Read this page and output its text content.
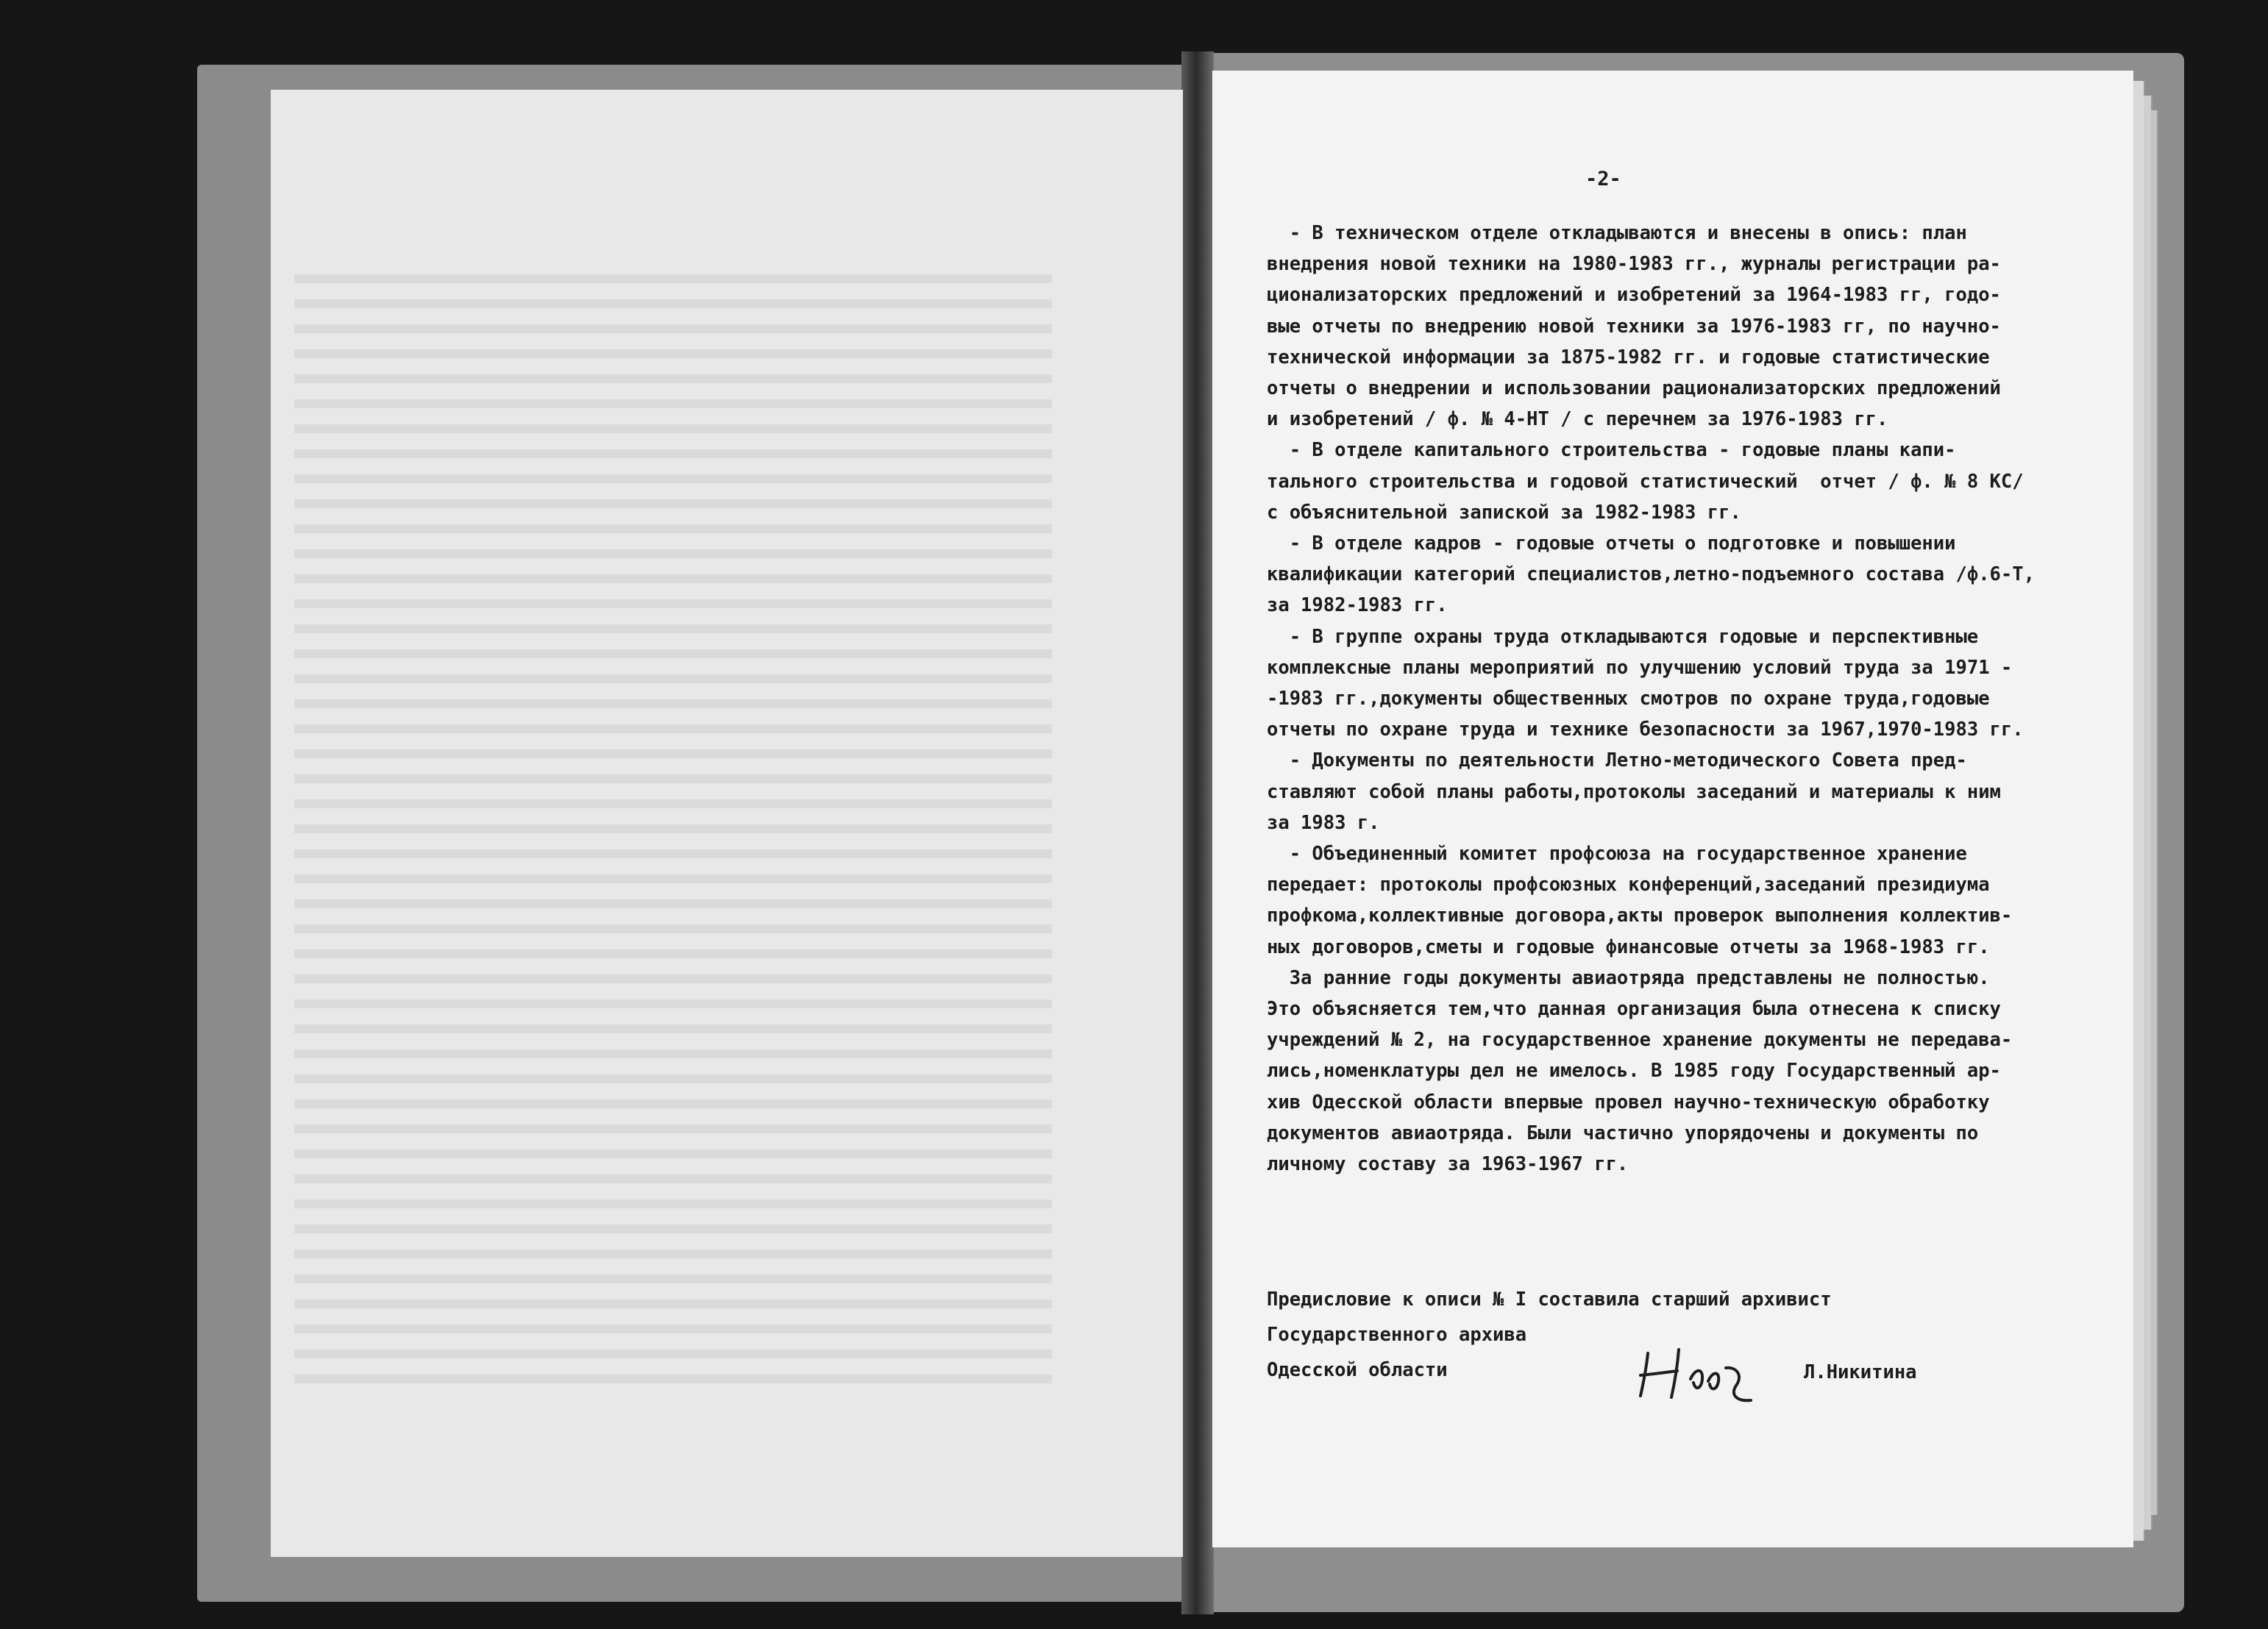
-2-
- В техническом отделе откладываются и внесены в опись: план
внедрения новой техники на 1980-1983 гг., журналы регистрации ра-
ционализаторских предложений и изобретений за 1964-1983 гг, годо-
вые отчеты по внедрению новой техники за 1976-1983 гг, по научно-
технической информации за 1875-1982 гг. и годовые статистические
отчеты о внедрении и использовании рационализаторских предложений
и изобретений / ф. № 4-НТ / с перечнем за 1976-1983 гг.
- В отделе капитального строительства - годовые планы капи-
тального строительства и годовой статистический  отчет / ф. № 8 КС/
с объяснительной запиской за 1982-1983 гг.
- В отделе кадров - годовые отчеты о подготовке и повышении
квалификации категорий специалистов,летно-подъемного состава /ф.6-Т,
за 1982-1983 гг.
- В группе охраны труда откладываются годовые и перспективные
комплексные планы мероприятий по улучшению условий труда за 1971 -
-1983 гг.,документы общественных смотров по охране труда,годовые
отчеты по охране труда и технике безопасности за 1967,1970-1983 гг.
- Документы по деятельности Летно-методического Совета пред-
ставляют собой планы работы,протоколы заседаний и материалы к ним
за 1983 г.
- Объединенный комитет профсоюза на государственное хранение
передает: протоколы профсоюзных конференций,заседаний президиума
профкома,коллективные договора,акты проверок выполнения коллектив-
ных договоров,сметы и годовые финансовые отчеты за 1968-1983 гг.
За ранние годы документы авиаотряда представлены не полностью.
Это объясняется тем,что данная организация была отнесена к списку
учреждений № 2, на государственное хранение документы не передава-
лись,номенклатуры дел не имелось. В 1985 году Государственный ар-
хив Одесской области впервые провел научно-техническую обработку
документов авиаотряда. Были частично упорядочены и документы по
личному составу за 1963-1967 гг.
Предисловие к описи № I составила старший архивист
Государственного архива
Одесской области	Л.Никитина
